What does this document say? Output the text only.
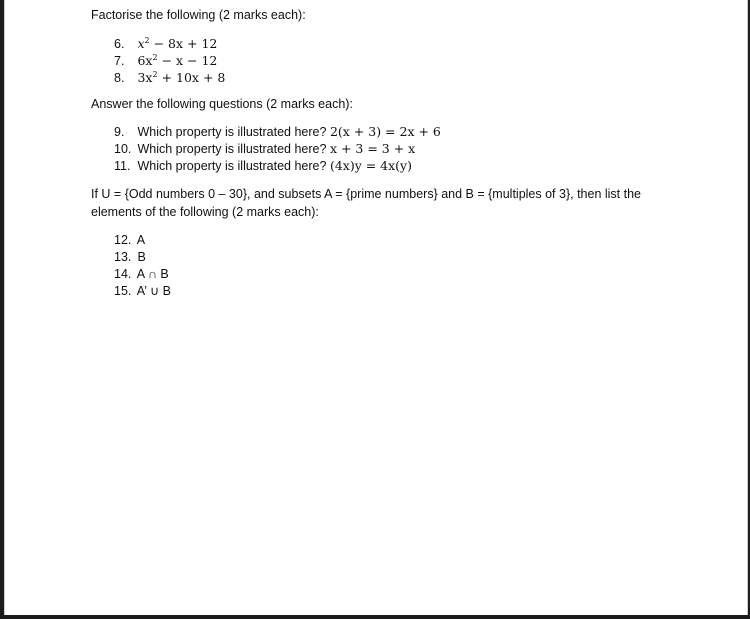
Factorise the following (2 marks each):

6. $x^2 - 8x + 12$
7. $6x^2 - x - 12$
8. $3x^2 + 10x + 8$

Answer the following questions (2 marks each):

9. Which property is illustrated here? 2(x + 3) = 2x + 6
10. Which property is illustrated here? x + 3 = 3 + x
11. Which property is illustrated here? (4x)y = 4x(y)

If U = {Odd numbers 0 – 30}, and subsets A = {prime numbers} and B = {multiples of 3}, then list the

elements of the following (2 marks each):

12. A
13. B
14. A ∩ B
15. A’ ∪ B
